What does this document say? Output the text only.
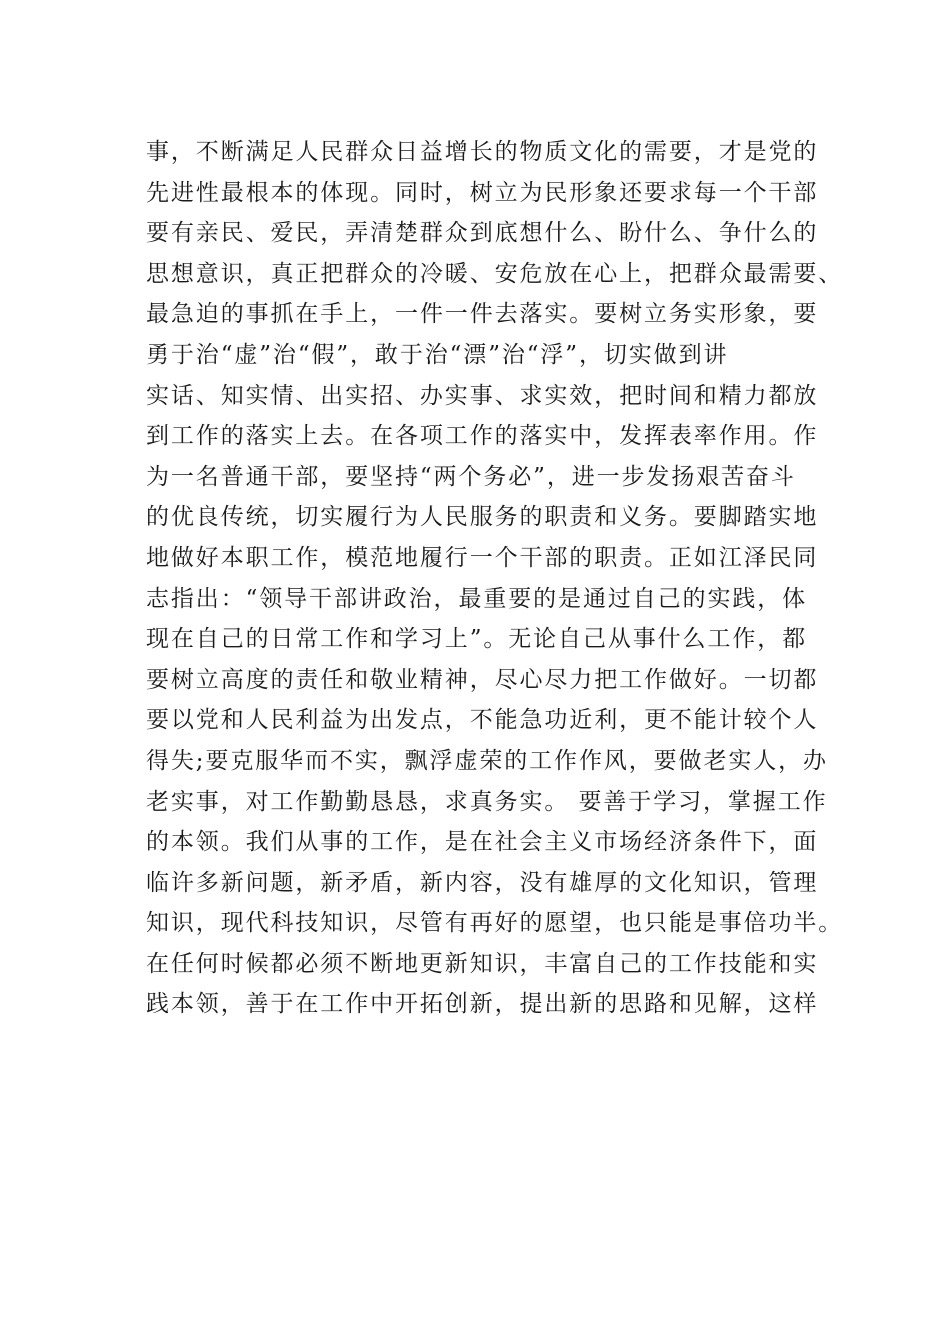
事，不断满足人民群众日益增长的物质文化的需要，才是党的
先进性最根本的体现。同时，树立为民形象还要求每一个干部
要有亲民、爱民，弄清楚群众到底想什么、盼什么、争什么的
思想意识，真正把群众的冷暖、安危放在心上，把群众最需要、
最急迫的事抓在手上，一件一件去落实。要树立务实形象，要
勇于治“虚”治“假”，敢于治“漂”治“浮”，切实做到讲
实话、知实情、出实招、办实事、求实效，把时间和精力都放
到工作的落实上去。在各项工作的落实中，发挥表率作用。作
为一名普通干部，要坚持“两个务必”，进一步发扬艰苦奋斗
的优良传统，切实履行为人民服务的职责和义务。要脚踏实地
地做好本职工作，模范地履行一个干部的职责。正如江泽民同
志指出：“领导干部讲政治，最重要的是通过自己的实践，体
现在自己的日常工作和学习上”。无论自己从事什么工作，都
要树立高度的责任和敬业精神，尽心尽力把工作做好。一切都
要以党和人民利益为出发点，不能急功近利，更不能计较个人
得失;要克服华而不实，飘浮虚荣的工作作风，要做老实人，办
老实事，对工作勤勤恳恳，求真务实。 要善于学习，掌握工作
的本领。我们从事的工作，是在社会主义市场经济条件下，面
临许多新问题，新矛盾，新内容，没有雄厚的文化知识，管理
知识，现代科技知识，尽管有再好的愿望，也只能是事倍功半。
在任何时候都必须不断地更新知识，丰富自己的工作技能和实
践本领，善于在工作中开拓创新，提出新的思路和见解，这样
